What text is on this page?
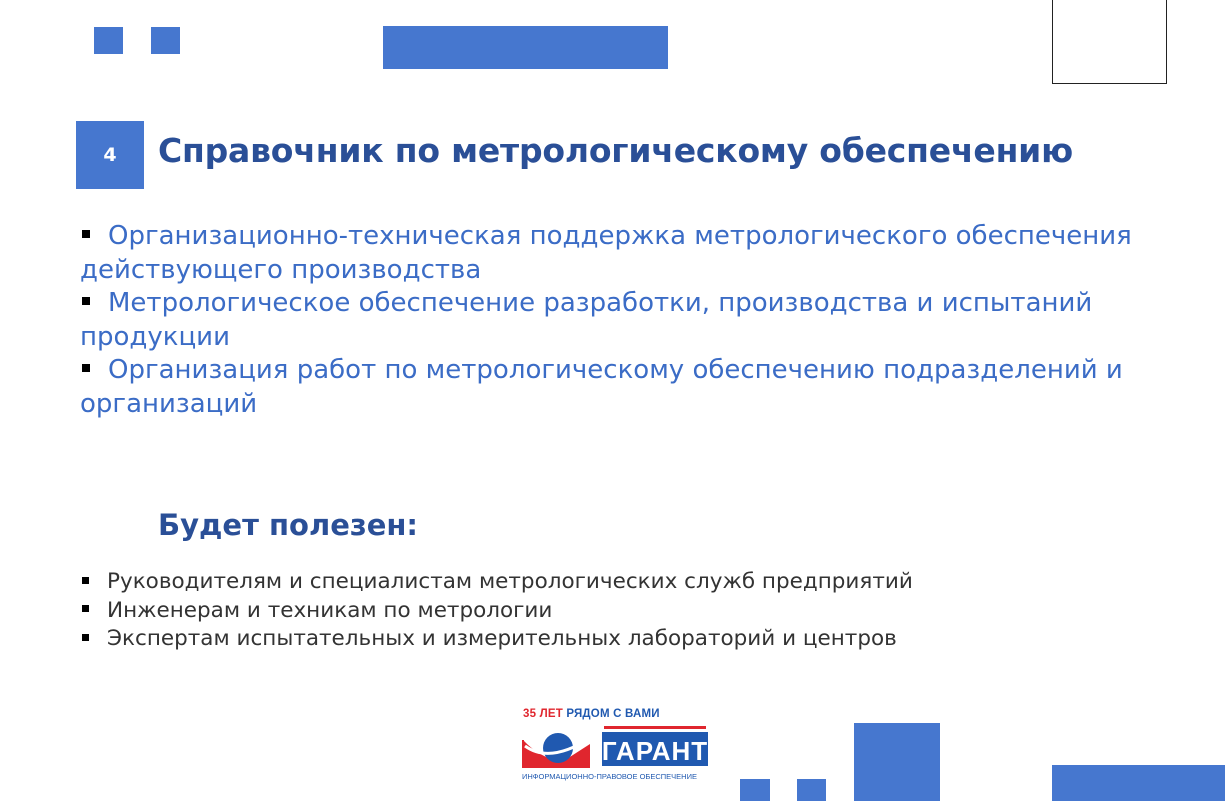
4 Справочник по метрологическому обеспечению
Организационно-техническая поддержка метрологического обеспечения действующего производства
Метрологическое обеспечение разработки, производства и испытаний продукции
Организация работ по метрологическому обеспечению подразделений и организаций
Будет полезен:
Руководителям и специалистам метрологических служб предприятий
Инженерам и техникам по метрологии
Экспертам испытательных и измерительных лабораторий и центров
35 ЛЕТ РЯДОМ С ВАМИ
ГАРАНТ
ИНФОРМАЦИОННО-ПРАВОВОЕ ОБЕСПЕЧЕНИЕ
